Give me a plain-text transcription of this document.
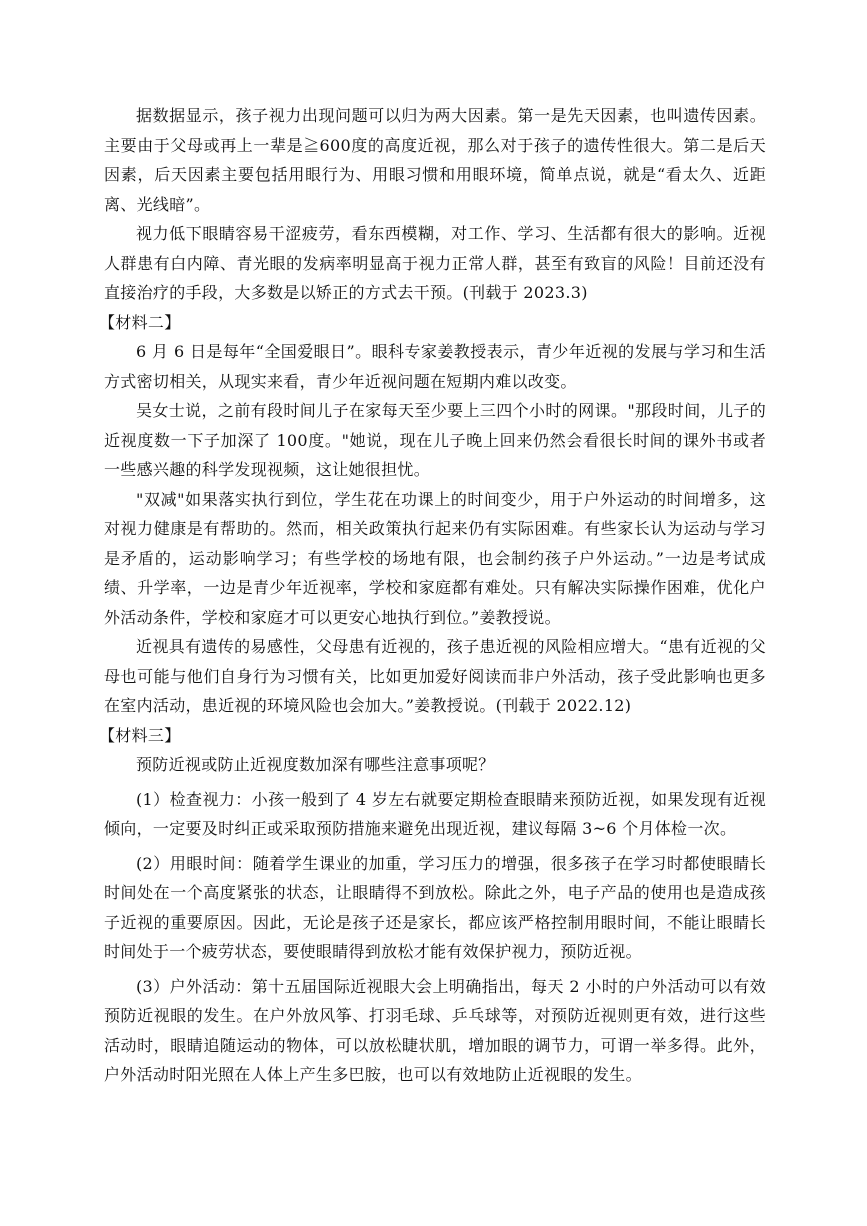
据数据显示，孩子视力出现问题可以归为两大因素。第一是先天因素，也叫遗传因素。主要由于父母或再上一辈是≧600度的高度近视，那么对于孩子的遗传性很大。第二是后天因素，后天因素主要包括用眼行为、用眼习惯和用眼环境，简单点说，就是“看太久、近距离、光线暗”。

视力低下眼睛容易干涩疲劳，看东西模糊，对工作、学习、生活都有很大的影响。近视人群患有白内障、青光眼的发病率明显高于视力正常人群，甚至有致盲的风险！目前还没有直接治疗的手段，大多数是以矫正的方式去干预。(刊载于 2023.3)

【材料二】

6 月 6 日是每年“全国爱眼日”。眼科专家姜教授表示，青少年近视的发展与学习和生活方式密切相关，从现实来看，青少年近视问题在短期内难以改变。

吴女士说，之前有段时间儿子在家每天至少要上三四个小时的网课。"那段时间，儿子的近视度数一下子加深了 100度。"她说，现在儿子晚上回来仍然会看很长时间的课外书或者一些感兴趣的科学发现视频，这让她很担忧。

"双减"如果落实执行到位，学生花在功课上的时间变少，用于户外运动的时间增多，这对视力健康是有帮助的。然而，相关政策执行起来仍有实际困难。有些家长认为运动与学习是矛盾的，运动影响学习；有些学校的场地有限，也会制约孩子户外运动。”一边是考试成绩、升学率，一边是青少年近视率，学校和家庭都有难处。只有解决实际操作困难，优化户外活动条件，学校和家庭才可以更安心地执行到位。”姜教授说。

近视具有遗传的易感性，父母患有近视的，孩子患近视的风险相应增大。“患有近视的父母也可能与他们自身行为习惯有关，比如更加爱好阅读而非户外活动，孩子受此影响也更多在室内活动，患近视的环境风险也会加大。”姜教授说。(刊载于 2022.12)

【材料三】

预防近视或防止近视度数加深有哪些注意事项呢？

(1）检查视力：小孩一般到了 4 岁左右就要定期检查眼睛来预防近视，如果发现有近视倾向，一定要及时纠正或采取预防措施来避免出现近视，建议每隔 3~6 个月体检一次。

(2）用眼时间：随着学生课业的加重，学习压力的增强，很多孩子在学习时都使眼睛长时间处在一个高度紧张的状态，让眼睛得不到放松。除此之外，电子产品的使用也是造成孩子近视的重要原因。因此，无论是孩子还是家长，都应该严格控制用眼时间，不能让眼睛长时间处于一个疲劳状态，要使眼睛得到放松才能有效保护视力，预防近视。

(3）户外活动：第十五届国际近视眼大会上明确指出，每天 2 小时的户外活动可以有效预防近视眼的发生。在户外放风筝、打羽毛球、乒乓球等，对预防近视则更有效，进行这些活动时，眼睛追随运动的物体，可以放松睫状肌，增加眼的调节力，可谓一举多得。此外，户外活动时阳光照在人体上产生多巴胺，也可以有效地防止近视眼的发生。
